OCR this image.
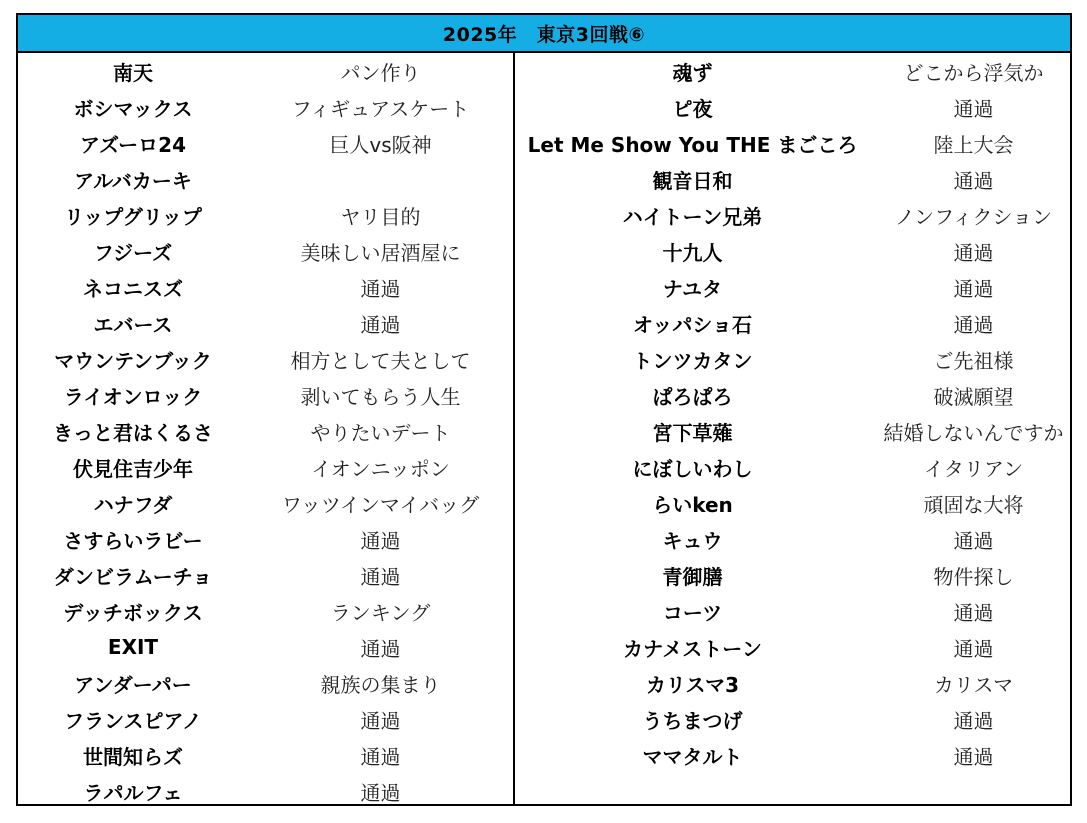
2025年　東京3回戦⑥
南天	パン作り
ボシマックス	フィギュアスケート
アズーロ24	巨人vs阪神
アルバカーキ
リップグリップ	ヤリ目的
フジーズ	美味しい居酒屋に
ネコニスズ	通過
エバース	通過
マウンテンブック	相方として夫として
ライオンロック	剥いてもらう人生
きっと君はくるさ	やりたいデート
伏見住吉少年	イオンニッポン
ハナフダ	ワッツインマイバッグ
さすらいラビー	通過
ダンビラムーチョ	通過
デッチボックス	ランキング
EXIT	通過
アンダーパー	親族の集まり
フランスピアノ	通過
世間知らズ	通過
ラパルフェ	通過
魂ず	どこから浮気か
ピ夜	通過
Let Me Show You THE まごころ	陸上大会
観音日和	通過
ハイトーン兄弟	ノンフィクション
十九人	通過
ナユタ	通過
オッパショ石	通過
トンツカタン	ご先祖様
ぱろぱろ	破滅願望
宮下草薙	結婚しないんですか
にぼしいわし	イタリアン
らいken	頑固な大将
キュウ	通過
青御膳	物件探し
コーツ	通過
カナメストーン	通過
カリスマ3	カリスマ
うちまつげ	通過
ママタルト	通過
